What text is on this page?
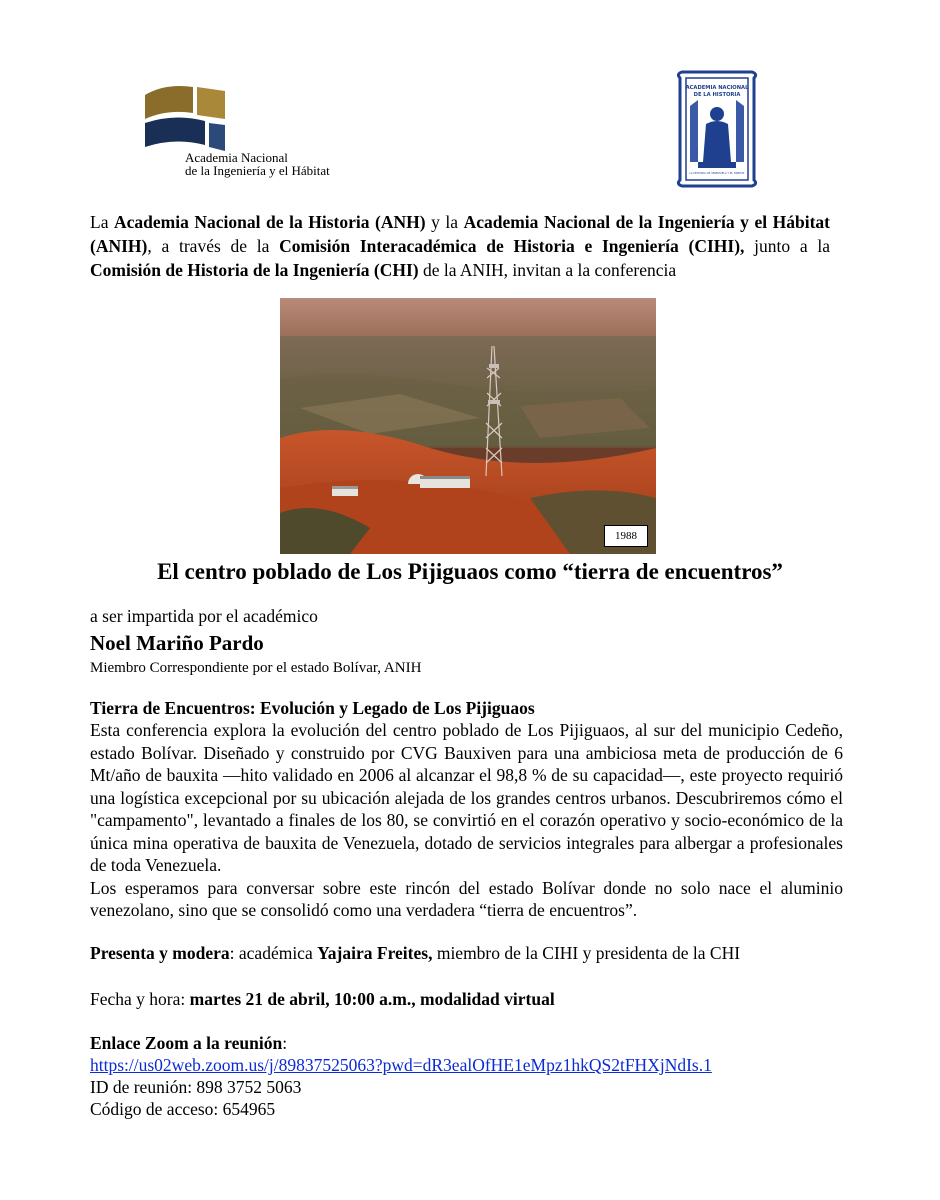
Academia Nacional
de la Ingeniería y el Hábitat
ACADEMIA NACIONAL
DE LA HISTORIA
LA HISTORIA DE VENEZUELA Y EL HÁBITAT
La Academia Nacional de la Historia (ANH) y la Academia Nacional de la Ingeniería y el Hábitat (ANIH), a través de la Comisión Interacadémica de Historia e Ingeniería (CIHI), junto a la Comisión de Historia de la Ingeniería (CHI) de la ANIH, invitan a la conferencia
1988
El centro poblado de Los Pijiguaos como “tierra de encuentros”
a ser impartida por el académico
Noel Mariño Pardo
Miembro Correspondiente por el estado Bolívar, ANIH
Tierra de Encuentros: Evolución y Legado de Los Pijiguaos

Esta conferencia explora la evolución del centro poblado de Los Pijiguaos, al sur del municipio Cedeño, estado Bolívar. Diseñado y construido por CVG Bauxiven para una ambiciosa meta de producción de 6 Mt/año de bauxita —hito validado en 2006 al alcanzar el 98,8 % de su capacidad—, este proyecto requirió una logística excepcional por su ubicación alejada de los grandes centros urbanos. Descubriremos cómo el "campamento", levantado a finales de los 80, se convirtió en el corazón operativo y socio-económico de la única mina operativa de bauxita de Venezuela, dotado de servicios integrales para albergar a profesionales de toda Venezuela.

Los esperamos para conversar sobre este rincón del estado Bolívar donde no solo nace el aluminio venezolano, sino que se consolidó como una verdadera “tierra de encuentros”.

Presenta y modera: académica Yajaira Freites, miembro de la CIHI y presidenta de la CHI
Fecha y hora: martes 21 de abril, 10:00 a.m., modalidad virtual
Enlace Zoom a la reunión:
https://us02web.zoom.us/j/89837525063?pwd=dR3ealOfHE1eMpz1hkQS2tFHXjNdIs.1
ID de reunión: 898 3752 5063
Código de acceso: 654965
